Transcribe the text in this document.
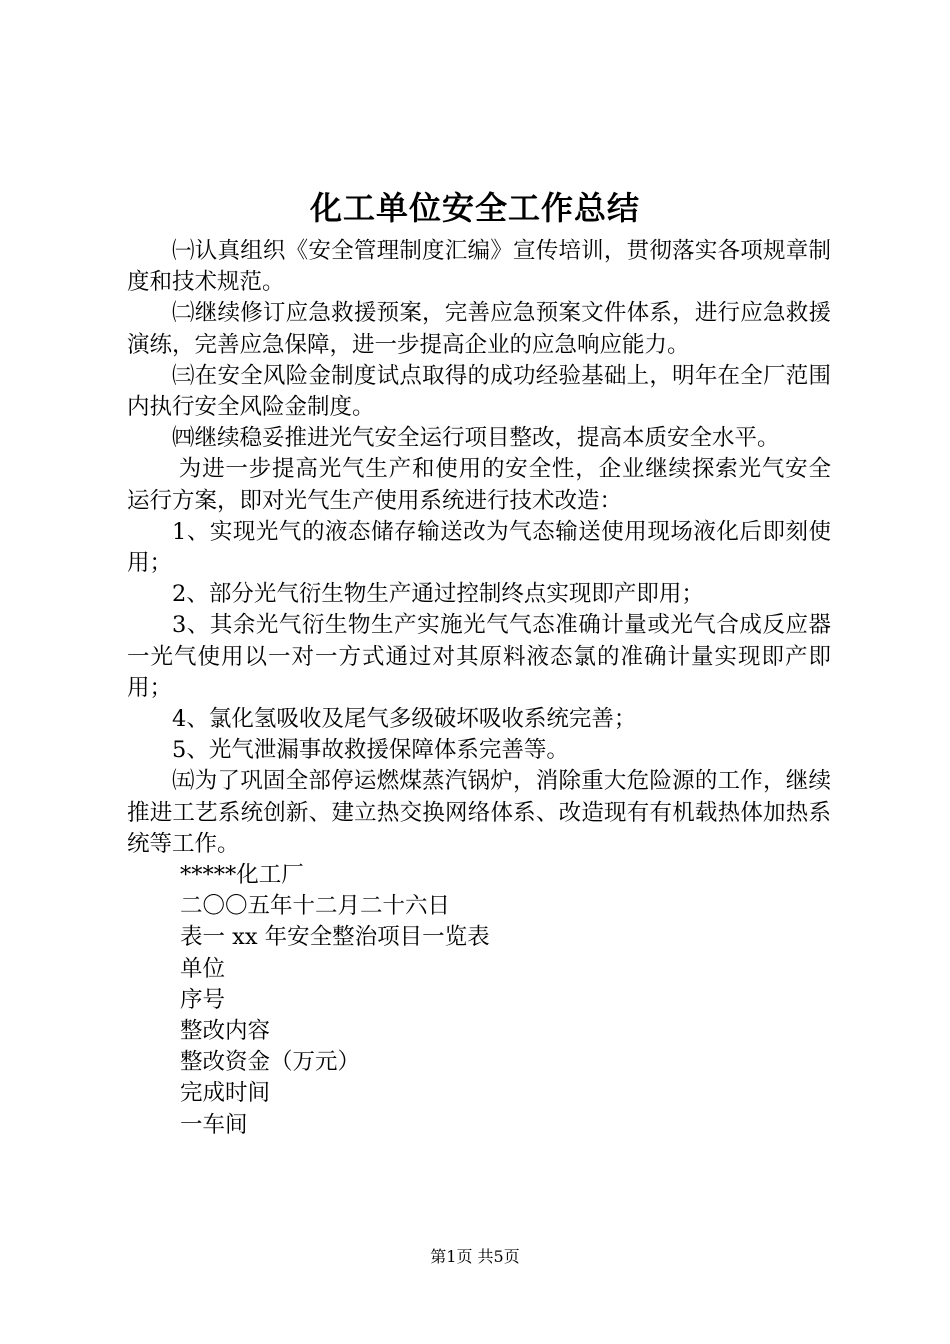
化工单位安全工作总结

㈠认真组织《安全管理制度汇编》宣传培训，贯彻落实各项规章制度和技术规范。

㈡继续修订应急救援预案，完善应急预案文件体系，进行应急救援演练，完善应急保障，进一步提高企业的应急响应能力。

㈢在安全风险金制度试点取得的成功经验基础上，明年在全厂范围内执行安全风险金制度。

㈣继续稳妥推进光气安全运行项目整改，提高本质安全水平。

为进一步提高光气生产和使用的安全性，企业继续探索光气安全运行方案，即对光气生产使用系统进行技术改造：

1、实现光气的液态储存输送改为气态输送使用现场液化后即刻使用；

2、部分光气衍生物生产通过控制终点实现即产即用；

3、其余光气衍生物生产实施光气气态准确计量或光气合成反应器一光气使用以一对一方式通过对其原料液态氯的准确计量实现即产即用；

4、氯化氢吸收及尾气多级破坏吸收系统完善；

5、光气泄漏事故救援保障体系完善等。

㈤为了巩固全部停运燃煤蒸汽锅炉，消除重大危险源的工作，继续推进工艺系统创新、建立热交换网络体系、改造现有有机载热体加热系统等工作。

*****化工厂

二〇〇五年十二月二十六日

表一 xx 年安全整治项目一览表

单位

序号

整改内容

整改资金（万元）

完成时间

一车间

第1页 共5页
